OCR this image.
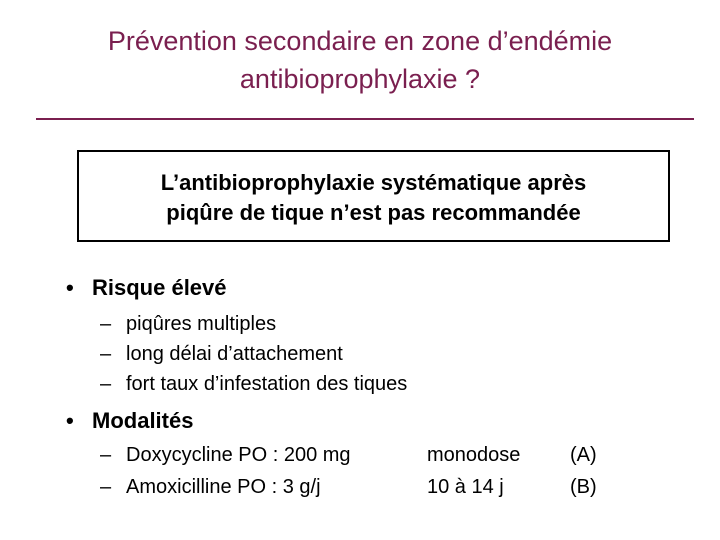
Prévention secondaire en zone d’endémie
antibioprophylaxie ?
L’antibioprophylaxie systématique après
piqûre de tique n’est pas recommandée
• Risque élevé
– piqûres multiples
– long délai d’attachement
– fort taux d’infestation des tiques
• Modalités
– Doxycycline PO : 200 mg	monodose (A)
– Amoxicilline PO : 3 g/j	10 à 14 j	(B)
